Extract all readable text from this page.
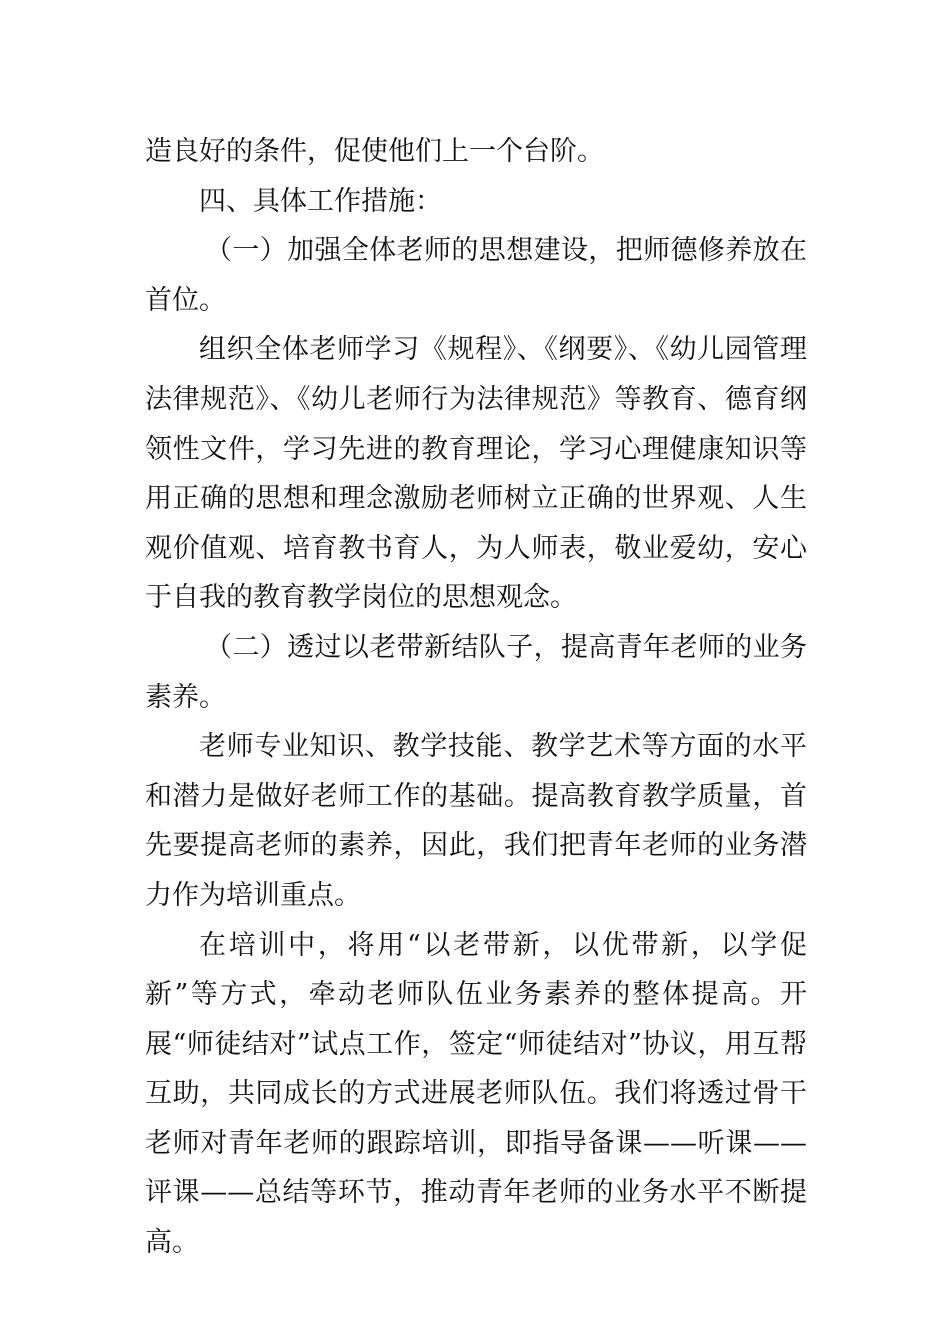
造良好的条件，促使他们上一个台阶。

四、具体工作措施：

（一）加强全体老师的思想建设，把师德修养放在首位。

组织全体老师学习《规程》、《纲要》、《幼儿园管理法律规范》、《幼儿老师行为法律规范》等教育、德育纲领性文件，学习先进的教育理论，学习心理健康知识等用正确的思想和理念激励老师树立正确的世界观、人生观价值观、培育教书育人，为人师表，敬业爱幼，安心于自我的教育教学岗位的思想观念。

（二）透过以老带新结队子，提高青年老师的业务素养。

老师专业知识、教学技能、教学艺术等方面的水平和潜力是做好老师工作的基础。提高教育教学质量，首先要提高老师的素养，因此，我们把青年老师的业务潜力作为培训重点。

在培训中，将用“以老带新，以优带新，以学促新”等方式，牵动老师队伍业务素养的整体提高。开展“师徒结对”试点工作，签定“师徒结对”协议，用互帮互助，共同成长的方式进展老师队伍。我们将透过骨干老师对青年老师的跟踪培训，即指导备课——听课——评课——总结等环节，推动青年老师的业务水平不断提高。
